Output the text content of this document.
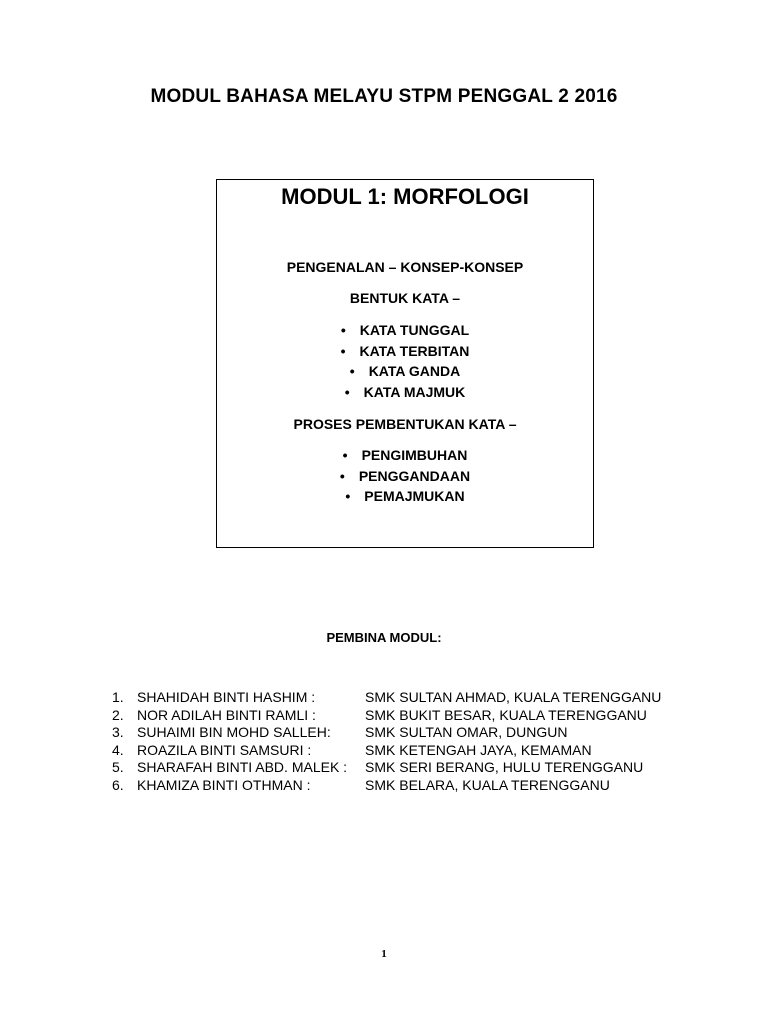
MODUL BAHASA MELAYU STPM PENGGAL 2 2016
MODUL 1: MORFOLOGI
PENGENALAN – KONSEP-KONSEP
BENTUK KATA –
• KATA TUNGGAL
• KATA TERBITAN
• KATA GANDA
• KATA MAJMUK
PROSES PEMBENTUKAN KATA –
• PENGIMBUHAN
• PENGGANDAAN
• PEMAJMUKAN
PEMBINA MODUL:
1. SHAHIDAH BINTI HASHIM :	SMK SULTAN AHMAD, KUALA TERENGGANU
2. NOR ADILAH BINTI RAMLI :	SMK BUKIT BESAR, KUALA TERENGGANU
3. SUHAIMI BIN MOHD SALLEH: SMK SULTAN OMAR, DUNGUN
4. ROAZILA BINTI SAMSURI :	SMK KETENGAH JAYA, KEMAMAN
5. SHARAFAH BINTI ABD. MALEK : SMK SERI BERANG, HULU TERENGGANU
6. KHAMIZA BINTI OTHMAN :	SMK BELARA, KUALA TERENGGANU
1
